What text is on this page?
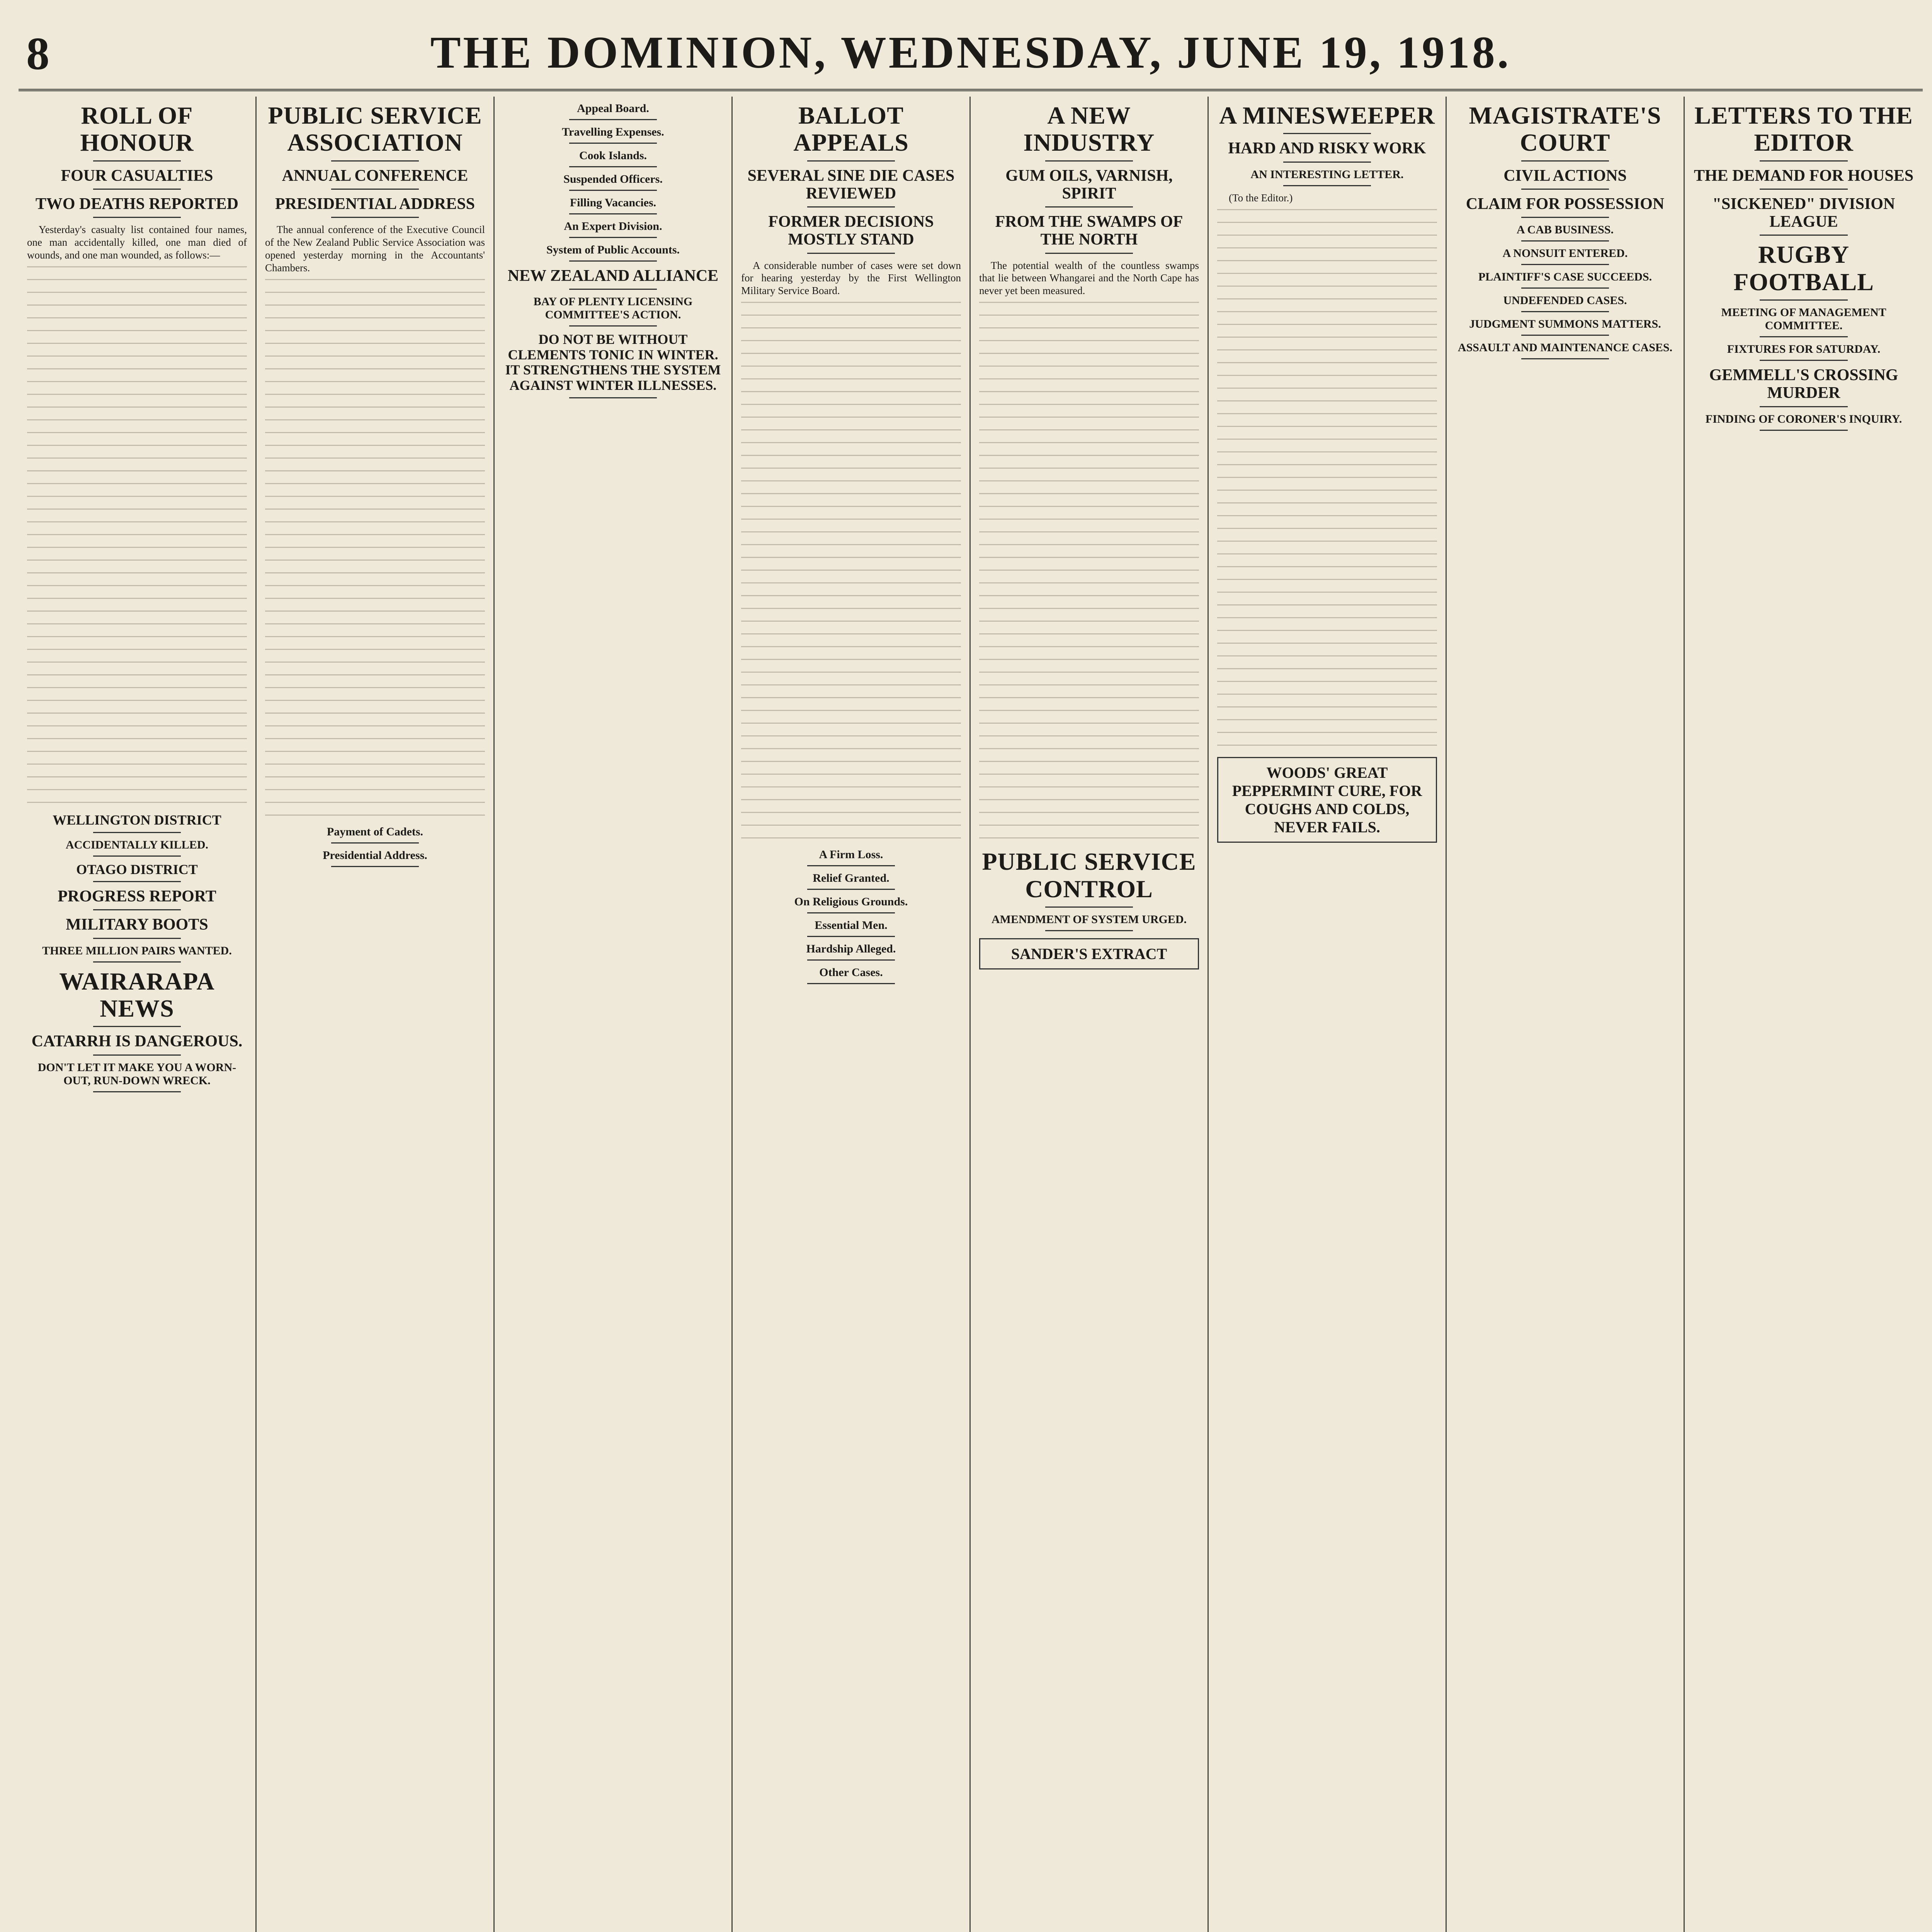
8	THE DOMINION, WEDNESDAY, JUNE 19, 1918.
ROLL OF HONOUR
FOUR CASUALTIES
TWO DEATHS REPORTED

Yesterday's casualty list contained four names, one man accidentally killed, one man died of wounds, and one man wounded, as follows:—

WELLINGTON DISTRICT
ACCIDENTALLY KILLED.
OTAGO DISTRICT
PROGRESS REPORT
MILITARY BOOTS
THREE MILLION PAIRS WANTED.
WAIRARAPA NEWS
CATARRH IS DANGEROUS.
DON'T LET IT MAKE YOU A WORN-OUT, RUN-DOWN WRECK.
PUBLIC SERVICE ASSOCIATION
ANNUAL CONFERENCE
PRESIDENTIAL ADDRESS

The annual conference of the Executive Council of the New Zealand Public Service Association was opened yesterday morning in the Accountants' Chambers.

Payment of Cadets.
Presidential Address.
Appeal Board.
Travelling Expenses.
Cook Islands.
Suspended Officers.
Filling Vacancies.
An Expert Division.
System of Public Accounts.
NEW ZEALAND ALLIANCE
BAY OF PLENTY LICENSING COMMITTEE'S ACTION.
DO NOT BE WITHOUT CLEMENTS TONIC IN WINTER. IT STRENGTHENS THE SYSTEM AGAINST WINTER ILLNESSES.
BALLOT APPEALS
SEVERAL SINE DIE CASES REVIEWED
FORMER DECISIONS MOSTLY STAND

A considerable number of cases were set down for hearing yesterday by the First Wellington Military Service Board.

A Firm Loss.
Relief Granted.
On Religious Grounds.
Essential Men.
Hardship Alleged.
Other Cases.
A NEW INDUSTRY
GUM OILS, VARNISH, SPIRIT
FROM THE SWAMPS OF THE NORTH

The potential wealth of the countless swamps that lie between Whangarei and the North Cape has never yet been measured.

PUBLIC SERVICE CONTROL
AMENDMENT OF SYSTEM URGED.
SANDER'S EXTRACT
A MINESWEEPER
HARD AND RISKY WORK
AN INTERESTING LETTER.

(To the Editor.)

WOODS' GREAT PEPPERMINT CURE, FOR COUGHS AND COLDS, NEVER FAILS.
MAGISTRATE'S COURT
CIVIL ACTIONS
CLAIM FOR POSSESSION
A CAB BUSINESS.
A NONSUIT ENTERED.
PLAINTIFF'S CASE SUCCEEDS.
UNDEFENDED CASES.
JUDGMENT SUMMONS MATTERS.
ASSAULT AND MAINTENANCE CASES.
LETTERS TO THE EDITOR
THE DEMAND FOR HOUSES
"SICKENED" DIVISION LEAGUE
RUGBY FOOTBALL
MEETING OF MANAGEMENT COMMITTEE.
FIXTURES FOR SATURDAY.
GEMMELL'S CROSSING MURDER
FINDING OF CORONER'S INQUIRY.
